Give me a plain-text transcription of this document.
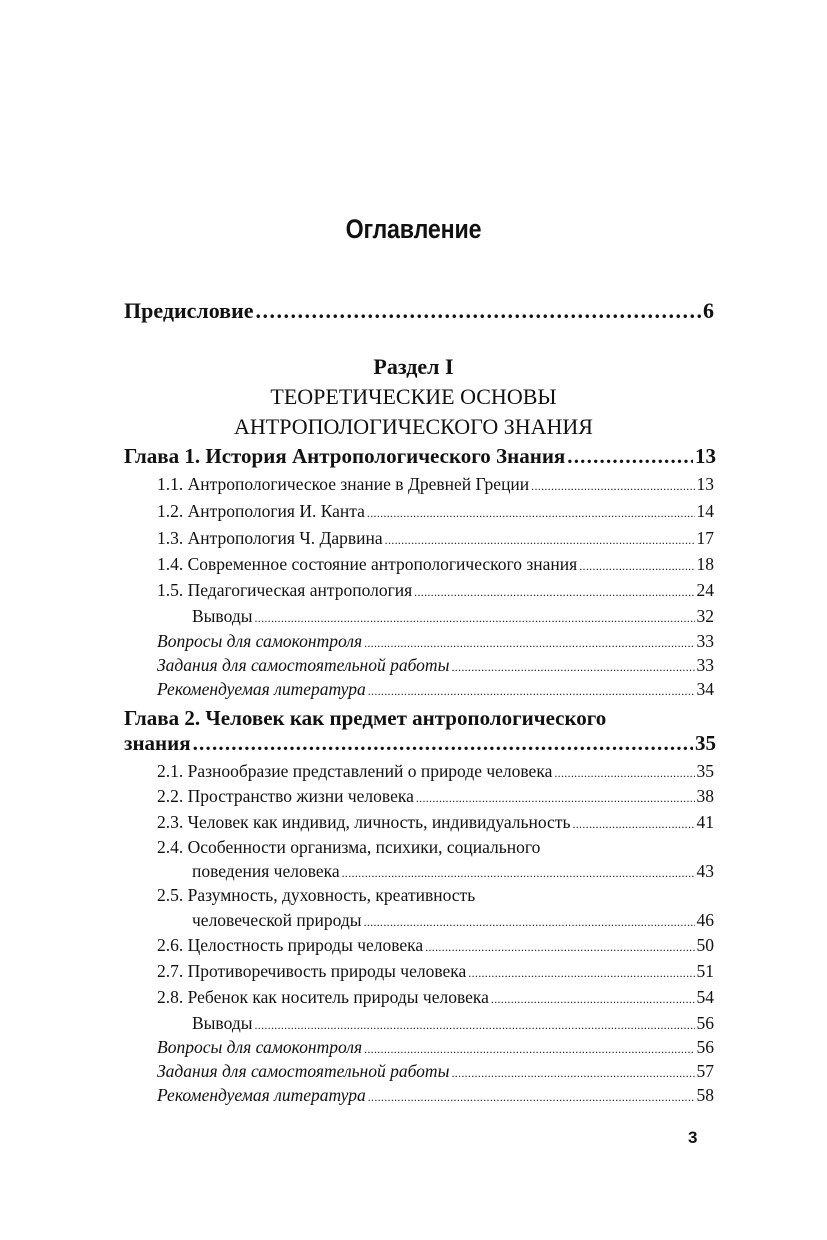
Оглавление
Предисловие .....	6
Раздел I
ТЕОРЕТИЧЕСКИЕ ОСНОВЫ
АНТРОПОЛОГИЧЕСКОГО ЗНАНИЯ
Глава 1. История Антропологического Знания .....	13
1.1. Антропологическое знание в Древней Греции .....	13
1.2. Антропология И. Канта .....	14
1.3. Антропология Ч. Дарвина .....	17
1.4. Современное состояние антропологического знания .....	18
1.5. Педагогическая антропология .....	24
Выводы .....	32
Вопросы для самоконтроля .....	33
Задания для самостоятельной работы .....	33
Рекомендуемая литература .....	34
Глава 2. Человек как предмет антропологического
знания .....	35
2.1. Разнообразие представлений о природе человека .....	35
2.2. Пространство жизни человека .....	38
2.3. Человек как индивид, личность, индивидуальность .....	41
2.4. Особенности организма, психики, социального
поведения человека .....	43
2.5. Разумность, духовность, креативность
человеческой природы .....	46
2.6. Целостность природы человека .....	50
2.7. Противоречивость природы человека .....	51
2.8. Ребенок как носитель природы человека .....	54
Выводы .....	56
Вопросы для самоконтроля .....	56
Задания для самостоятельной работы .....	57
Рекомендуемая литература .....	58
3
